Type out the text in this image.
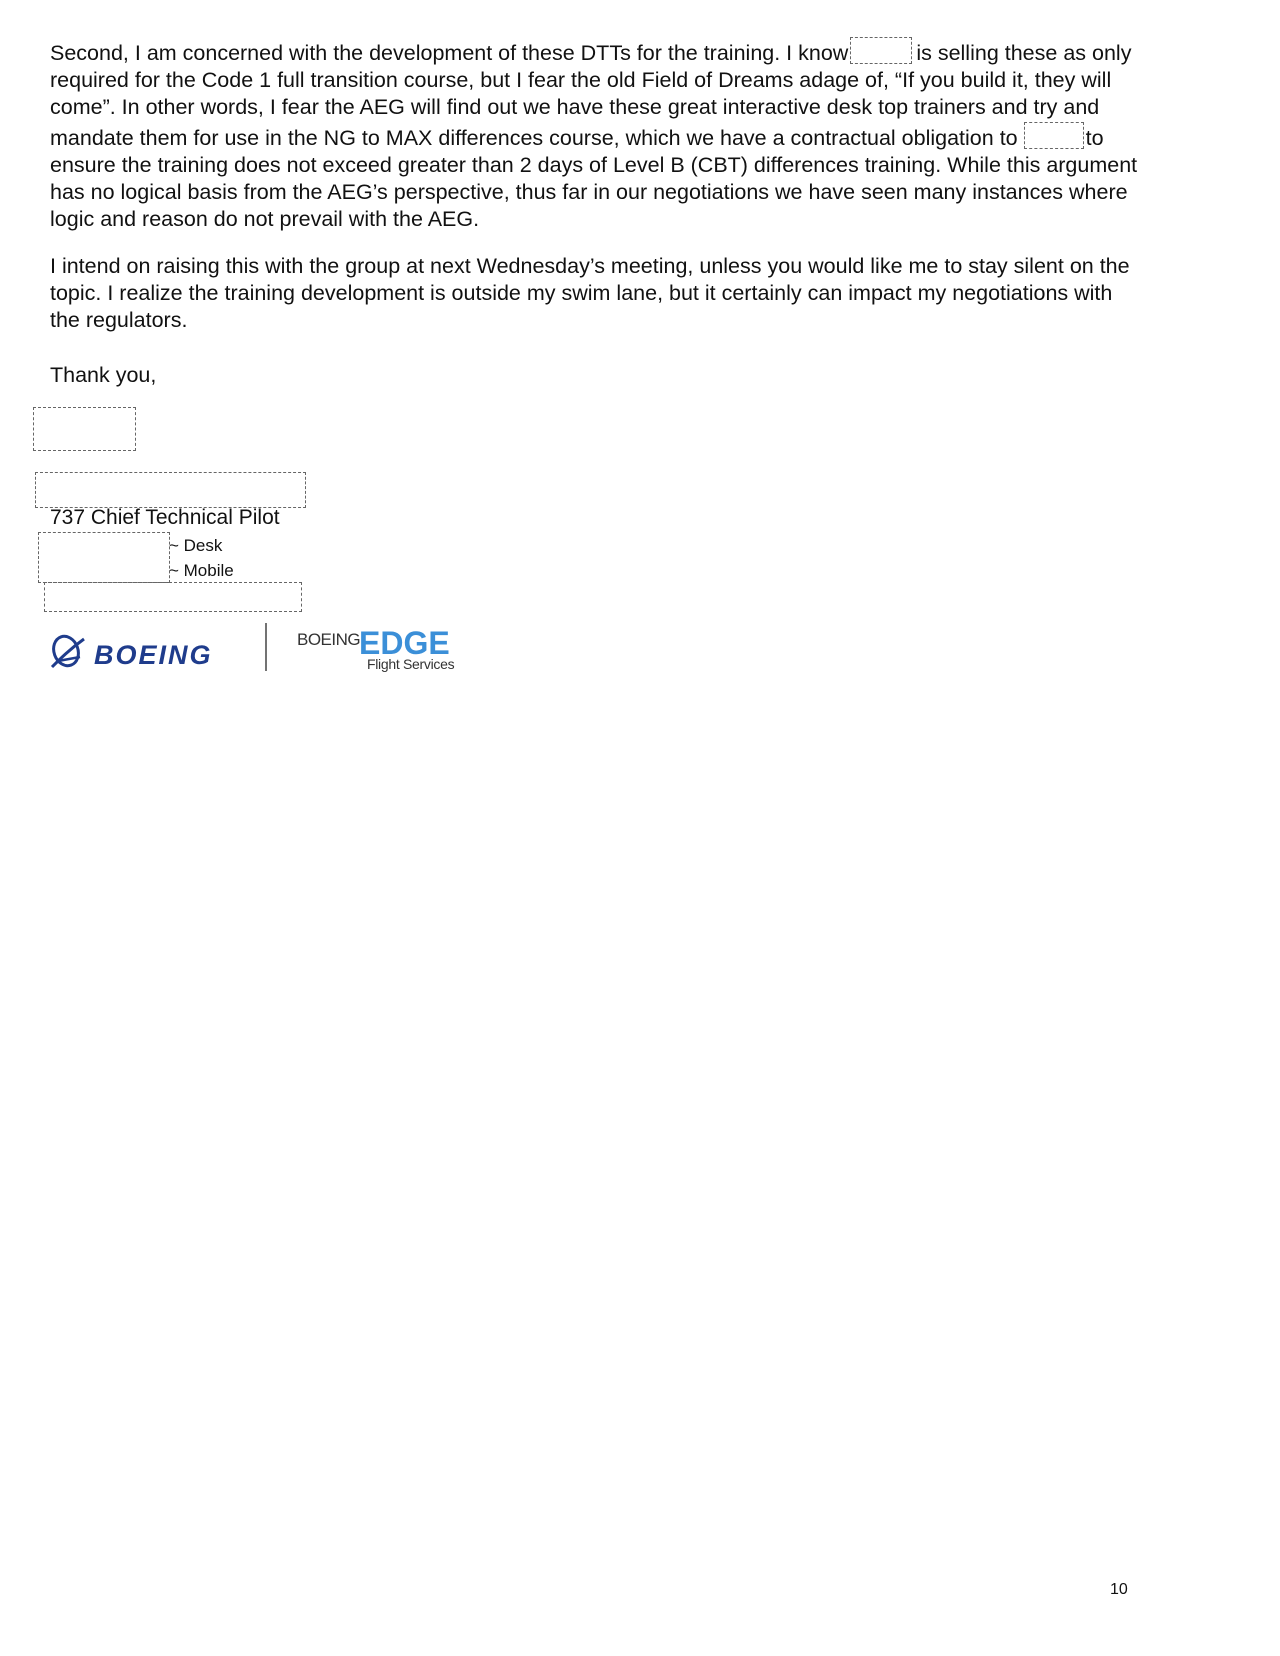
Second, I am concerned with the development of these DTTs for the training. I know	is selling these as only
required for the Code 1 full transition course, but I fear the old Field of Dreams adage of, “If you build it, they will
come”. In other words, I fear the AEG will find out we have these great interactive desk top trainers and try and
mandate them for use in the NG to MAX differences course, which we have a contractual obligation to	to
ensure the training does not exceed greater than 2 days of Level B (CBT) differences training. While this argument
has no logical basis from the AEG’s perspective, thus far in our negotiations we have seen many instances where
logic and reason do not prevail with the AEG.
I intend on raising this with the group at next Wednesday’s meeting, unless you would like me to stay silent on the
topic. I realize the training development is outside my swim lane, but it certainly can impact my negotiations with
the regulators.
Thank you,
737 Chief Technical Pilot
~ Desk
~ Mobile
BOEING
BOEING
EDGE
Flight Services
10
